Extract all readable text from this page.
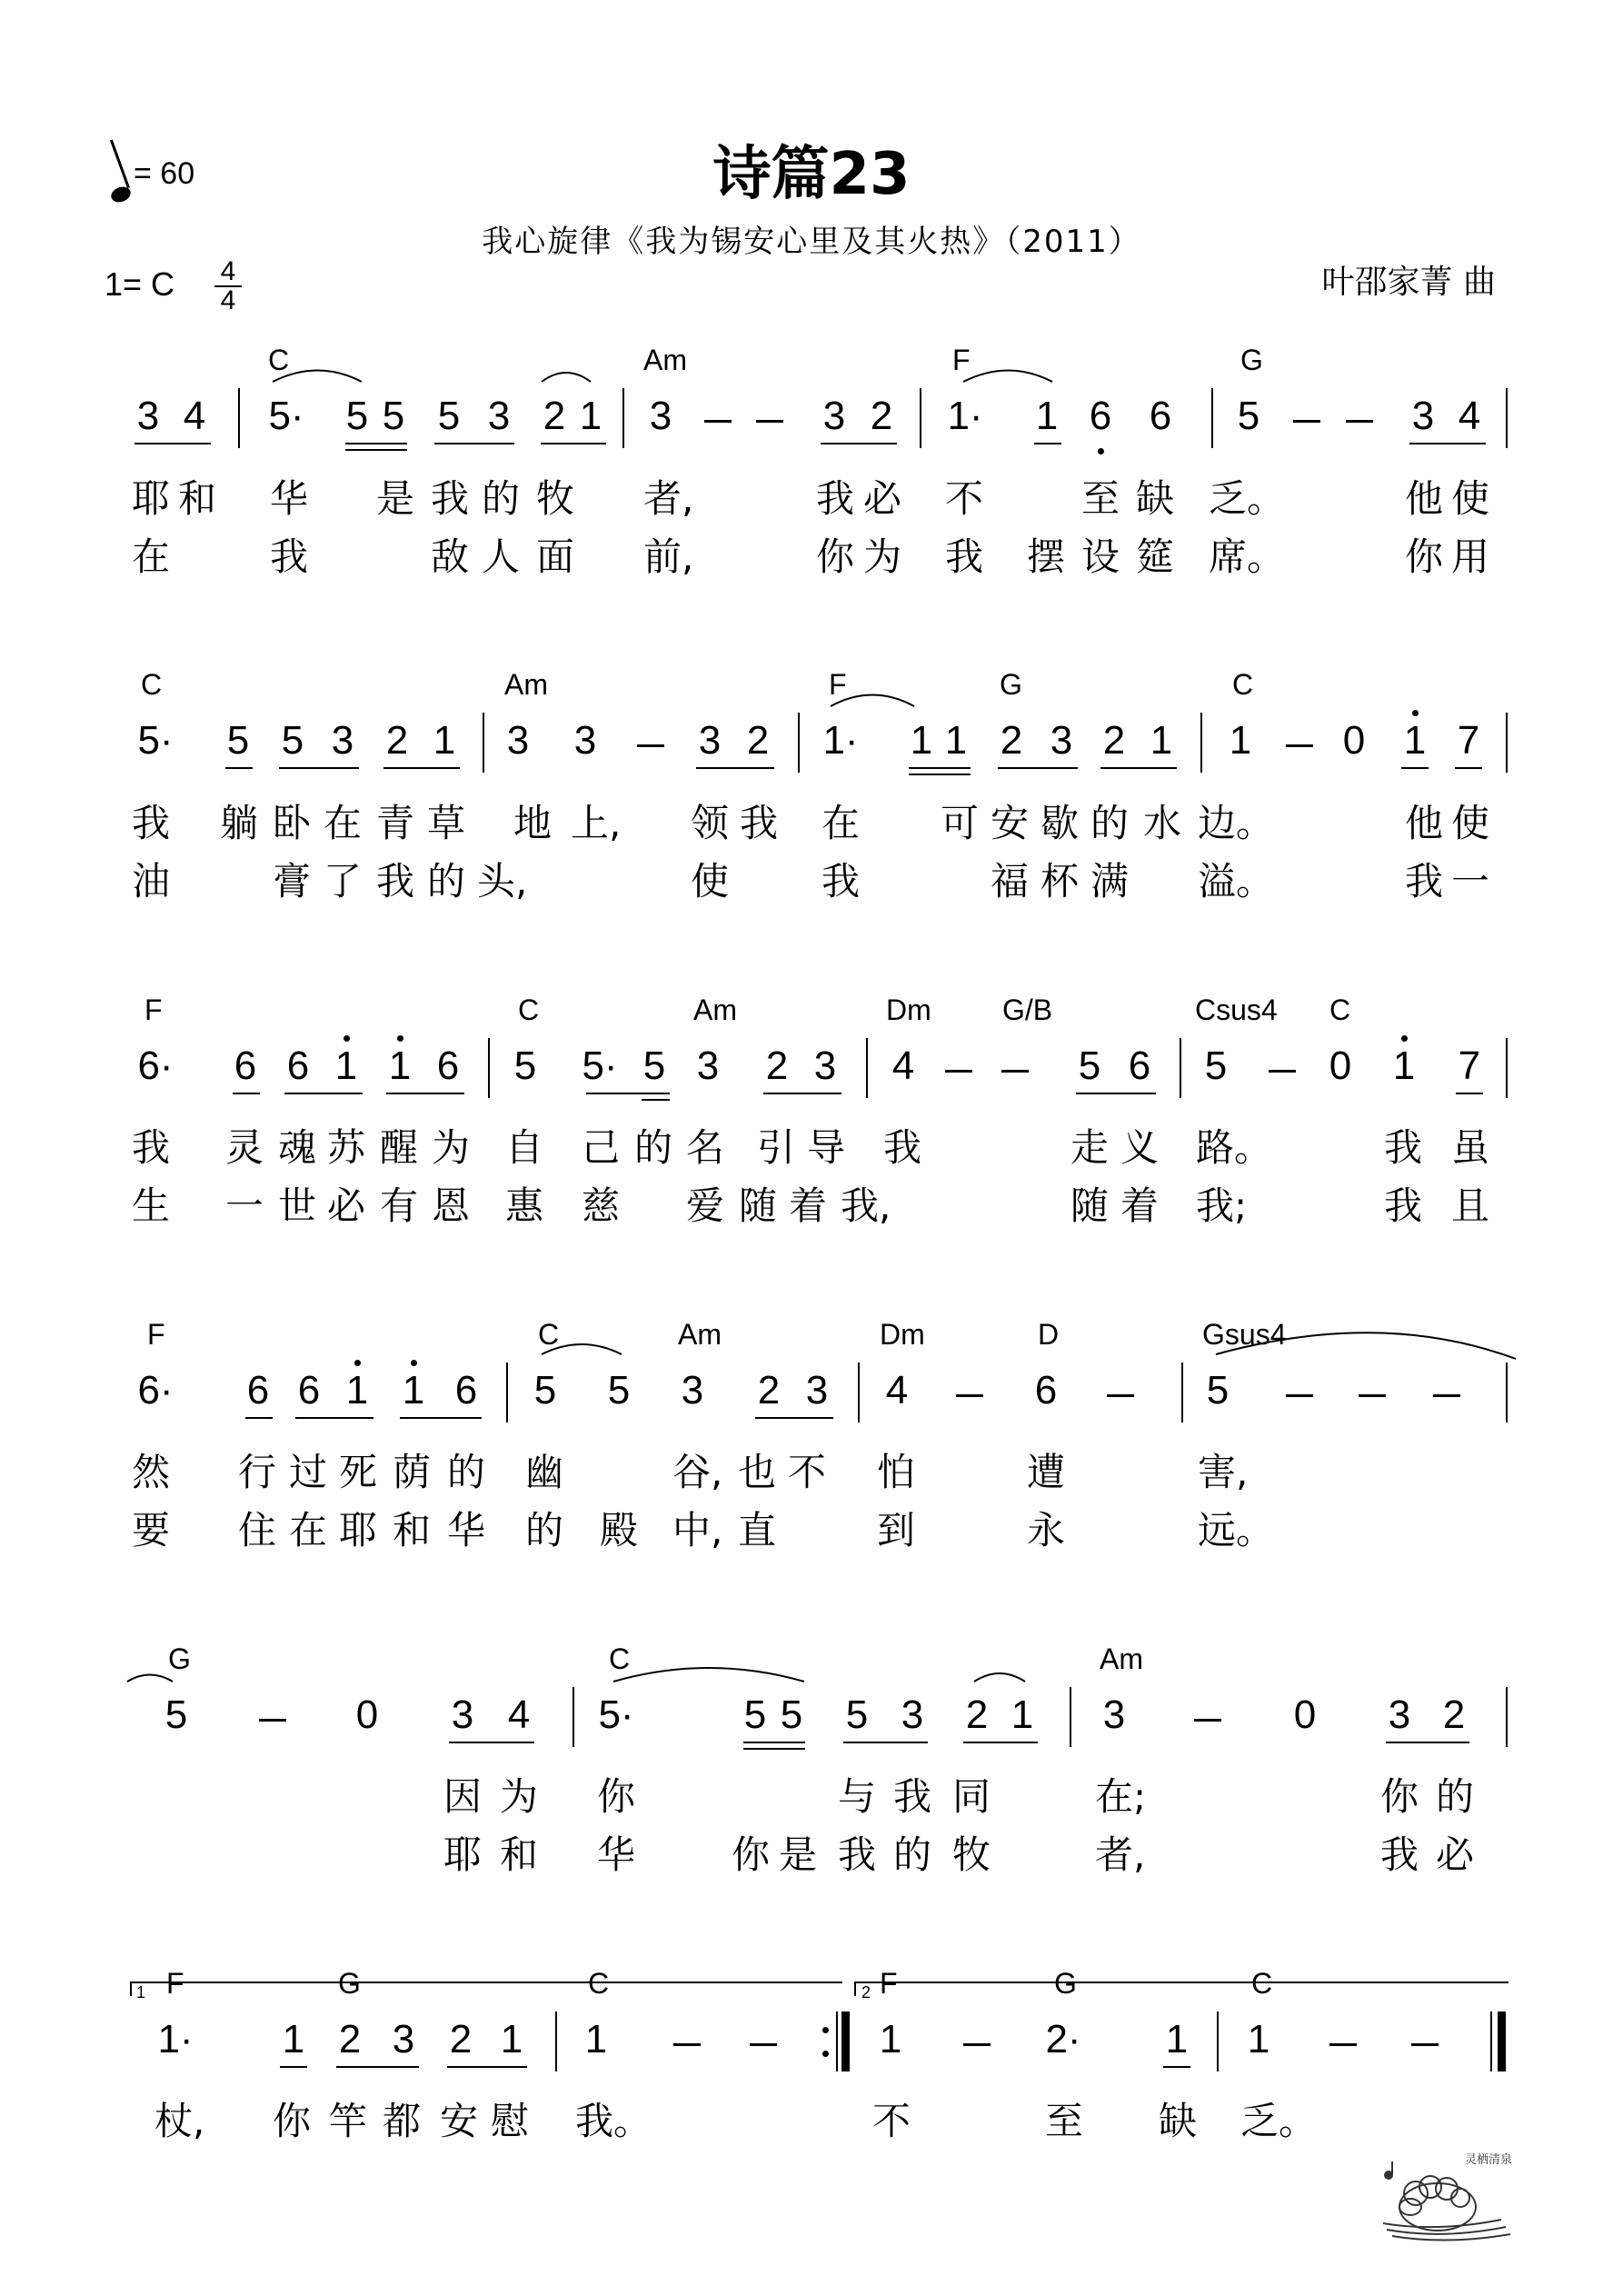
诗篇23
我心旋律《我为锡安心里及其火热》（2011）
叶邵家菁 曲
= 60
1= C $\frac{4}{4}$
C	Am	F	G
3 4 5· 5 5 5 3 2 1 3	3 2 1· 1 6 6 5	3 4
耶 和 华 是 我 的 牧 者,	我 必 不	至 缺 乏。	他 使
在	我	敌 人 面 前,	你 为 我 摆 设 筵 席。	你 用
C	Am	F	G	C
5· 5 5 3 2 1 3 3	3 2 1· 1 1 2 3 2 1 1 0 1 7
我 躺 卧 在 青 草 地 上, 领 我 在 可 安 歇 的 水 边。	他 使
油	膏 了 我 的 头,	使 我	福 杯 满 溢。	我 一
F	C	Am	Dm G/B	Csus4 C
6· 6 6 1 1 6 5 5· 5 3 2 3 4	5 6 5	0 1 7
我 灵 魂 苏 醒 为 自 己 的 名 引 导 我	走 义 路。	我 虽
生 一 世 必 有 恩 惠 慈 爱 随 着 我,	随 着 我;	我 且
F	C	Am	Dm	D	Gsus4
6· 6 6 1 1 6 5 5 3 2 3 4	6	5
然 行 过 死 荫 的 幽	谷, 也 不 怕	遭	害,
要 住 在 耶 和 华 的 殿 中, 直	到	永	远。
G	C	Am
5	0 3 4 5·	5 5 5 3 2 1 3	0 3 2
因 为 你	与 我 同	在;	你 的
耶 和 华	你 是 我 的 牧	者,	我 必
F	G	C	F	G	C
1	2
1· 1 2 3 2 1 1	1	2· 1 1
杖, 你 竿 都 安 慰 我。	不	至 缺 乏。
灵栖清泉
